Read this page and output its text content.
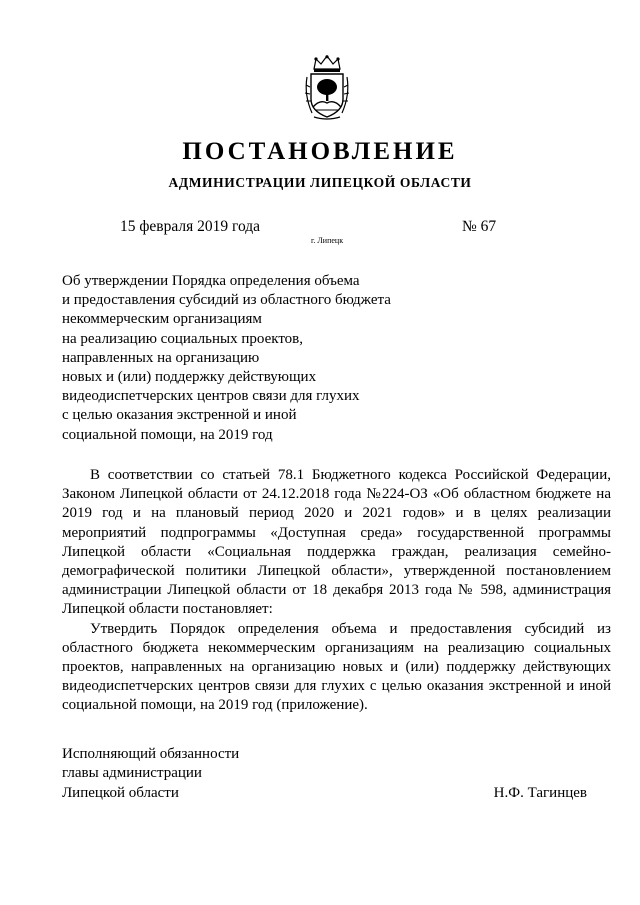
ПОСТАНОВЛЕНИЕ
АДМИНИСТРАЦИИ ЛИПЕЦКОЙ ОБЛАСТИ
15 февраля 2019 года
г. Липецк
№ 67
Об утверждении Порядка определения объема
и предоставления субсидий из областного бюджета
некоммерческим организациям
на реализацию социальных проектов,
направленных на организацию
новых и (или) поддержку действующих
видеодиспетчерских центров связи для глухих
с целью оказания экстренной и иной
социальной помощи, на 2019 год

В соответствии со статьей 78.1 Бюджетного кодекса Российской Федерации, Законом Липецкой области от 24.12.2018 года №224-ОЗ «Об областном бюджете на 2019 год и на плановый период 2020 и 2021 годов» и в целях реализации мероприятий подпрограммы «Доступная среда» государственной программы Липецкой области «Социальная поддержка граждан, реализация семейно-демографической политики Липецкой области», утвержденной постановлением администрации Липецкой области от 18 декабря 2013 года № 598, администрация Липецкой области постановляет:

Утвердить Порядок определения объема и предоставления субсидий из областного бюджета некоммерческим организациям на реализацию социальных проектов, направленных на организацию новых и (или) поддержку действующих видеодиспетчерских центров связи для глухих с целью оказания экстренной и иной социальной помощи, на 2019 год (приложение).

Исполняющий обязанности
главы администрации
Липецкой области	Н.Ф. Тагинцев
